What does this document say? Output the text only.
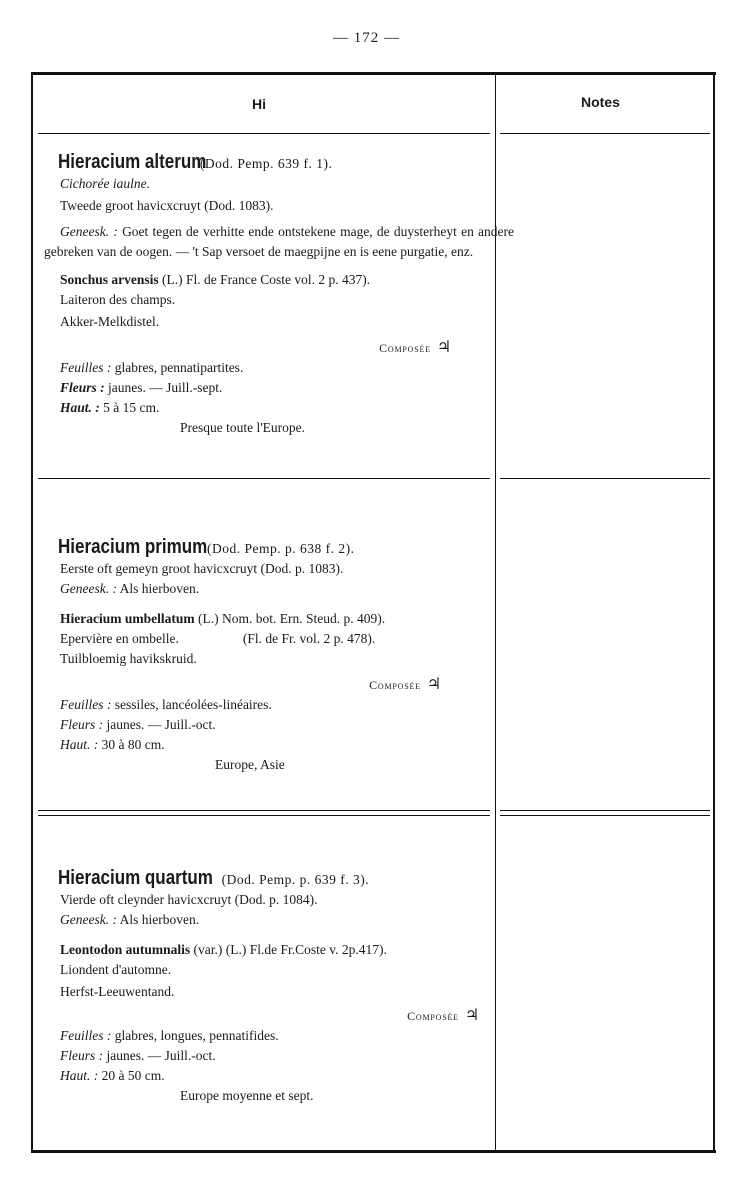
— 172 —
Hi	Notes

Hieracium alterum (Dod. Pemp. 639 f. 1).

Cichorée iaulne.

Tweede groot havicxcruyt (Dod. 1083).

Geneesk. : Goet tegen de verhitte ende ontstekene mage, de duysterheyt en andere gebreken van de oogen. — 't Sap versoet de maegpijne en is eene purgatie, enz.

Sonchus arvensis (L.) Fl. de France Coste vol. 2 p. 437).

Laiteron des champs.

Akker-Melkdistel.

Composée ♃

Feuilles : glabres, pennatipartites.

Fleurs : jaunes. — Juill.-sept.

Haut. : 5 à 15 cm.

Presque toute l'Europe.

Hieracium primum (Dod. Pemp. p. 638 f. 2).

Eerste oft gemeyn groot havicxcruyt (Dod. p. 1083).

Geneesk. : Als hierboven.

Hieracium umbellatum (L.) Nom. bot. Ern. Steud. p. 409).

Epervière en ombelle.	(Fl. de Fr. vol. 2 p. 478).

Tuilbloemig havikskruid.

Composée ♃

Feuilles : sessiles, lancéolées-linéaires.

Fleurs : jaunes. — Juill.-oct.

Haut. : 30 à 80 cm.

Europe, Asie

Hieracium quartum (Dod. Pemp. p. 639 f. 3).

Vierde oft cleynder havicxcruyt (Dod. p. 1084).

Geneesk. : Als hierboven.

Leontodon autumnalis (var.) (L.) Fl.de Fr.Coste v. 2p.417).

Liondent d'automne.

Herfst-Leeuwentand.

Composée ♃

Feuilles : glabres, longues, pennatifides.

Fleurs : jaunes. — Juill.-oct.

Haut. : 20 à 50 cm.

Europe moyenne et sept.
